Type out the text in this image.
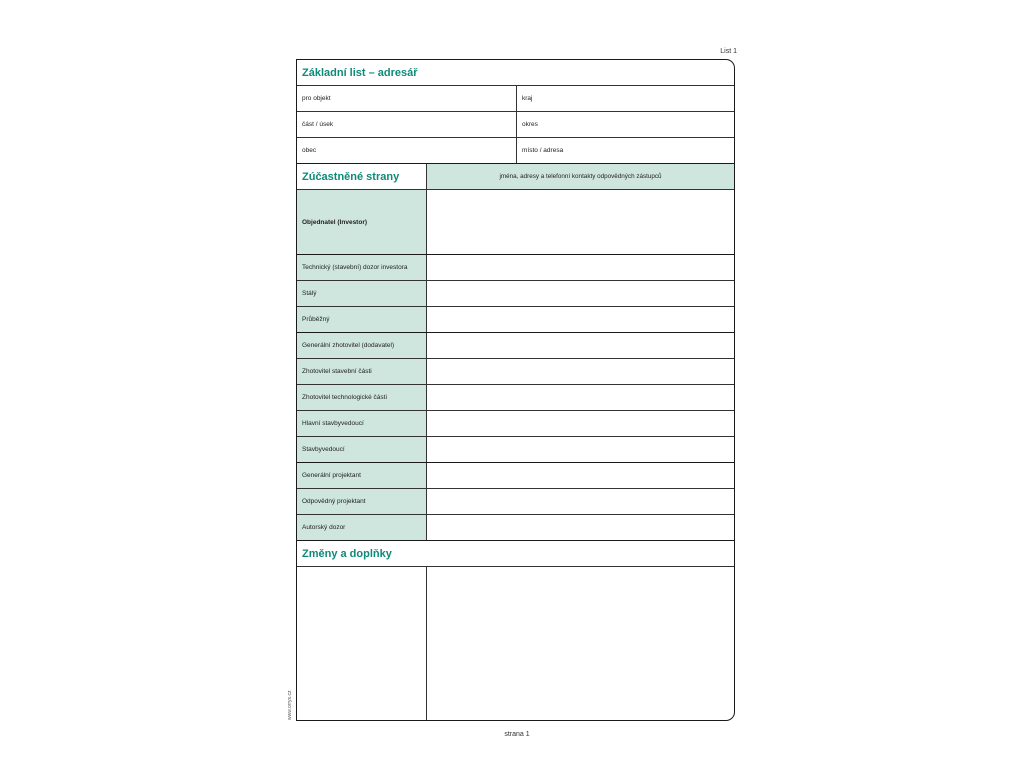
List 1
Základní list – adresář
pro objekt	kraj
část / úsek	okres
obec	místo / adresa
Zúčastněné strany	jména, adresy a telefonní kontakty odpovědných zástupců
Objednatel (Investor)
Technický (stavební) dozor investora
Stálý
Průběžný
Generální zhotovitel (dodavatel)
Zhotovitel stavební části
Zhotovitel technologické části
Hlavní stavbyvedoucí
Stavbyvedoucí
Generální projektant
Odpovědný projektant
Autorský dozor
Změny a doplňky
www.orrys.cz
strana 1
